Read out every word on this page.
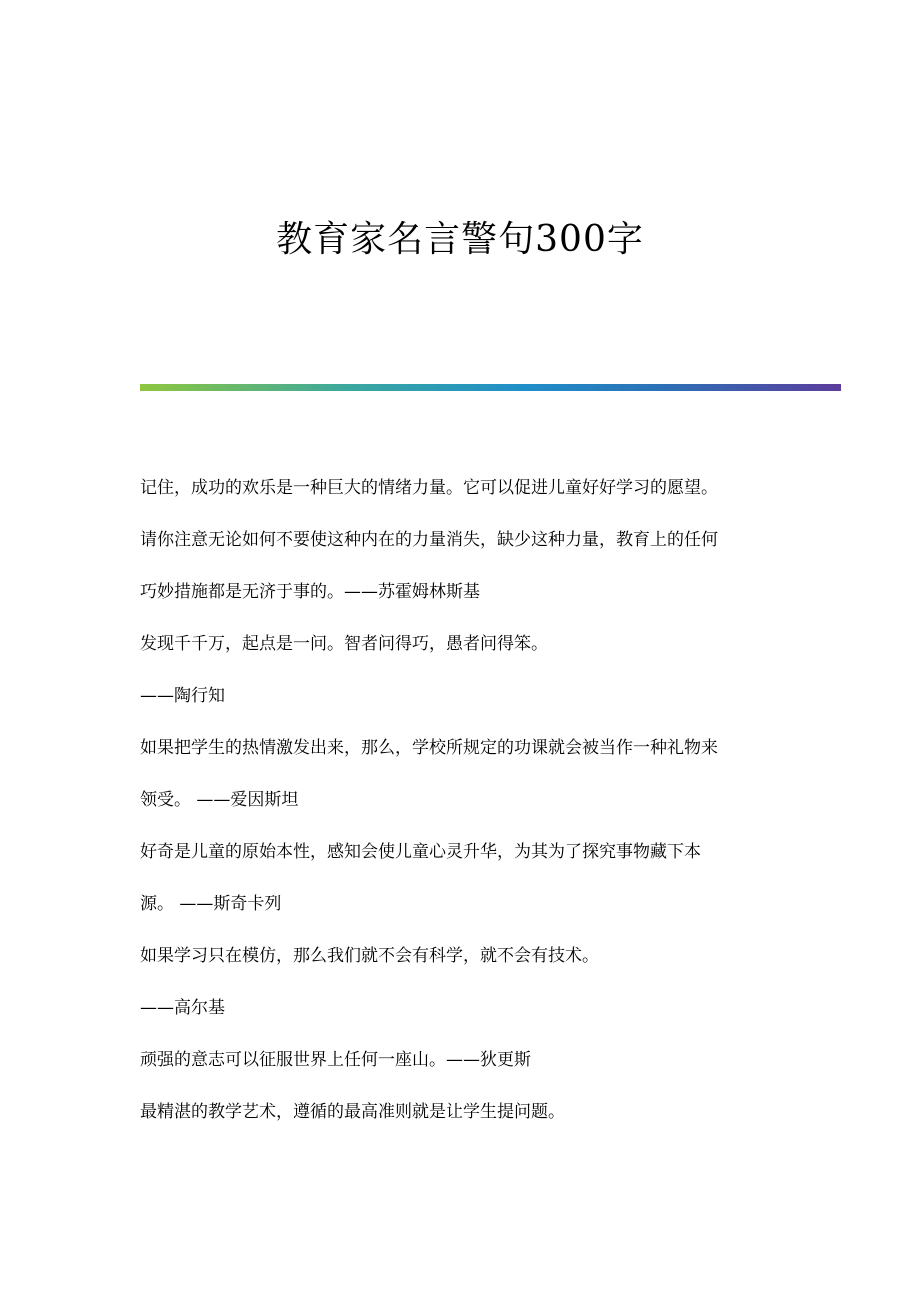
教育家名言警句300字

记住，成功的欢乐是一种巨大的情绪力量。它可以促进儿童好好学习的愿望。

请你注意无论如何不要使这种内在的力量消失，缺少这种力量，教育上的任何

巧妙措施都是无济于事的。——苏霍姆林斯基

发现千千万，起点是一问。智者问得巧，愚者问得笨。

——陶行知

如果把学生的热情激发出来，那么，学校所规定的功课就会被当作一种礼物来

领受。 ——爱因斯坦

好奇是儿童的原始本性，感知会使儿童心灵升华，为其为了探究事物藏下本

源。 ——斯奇卡列

如果学习只在模仿，那么我们就不会有科学，就不会有技术。

——高尔基

顽强的意志可以征服世界上任何一座山。——狄更斯

最精湛的教学艺术，遵循的最高准则就是让学生提问题。
